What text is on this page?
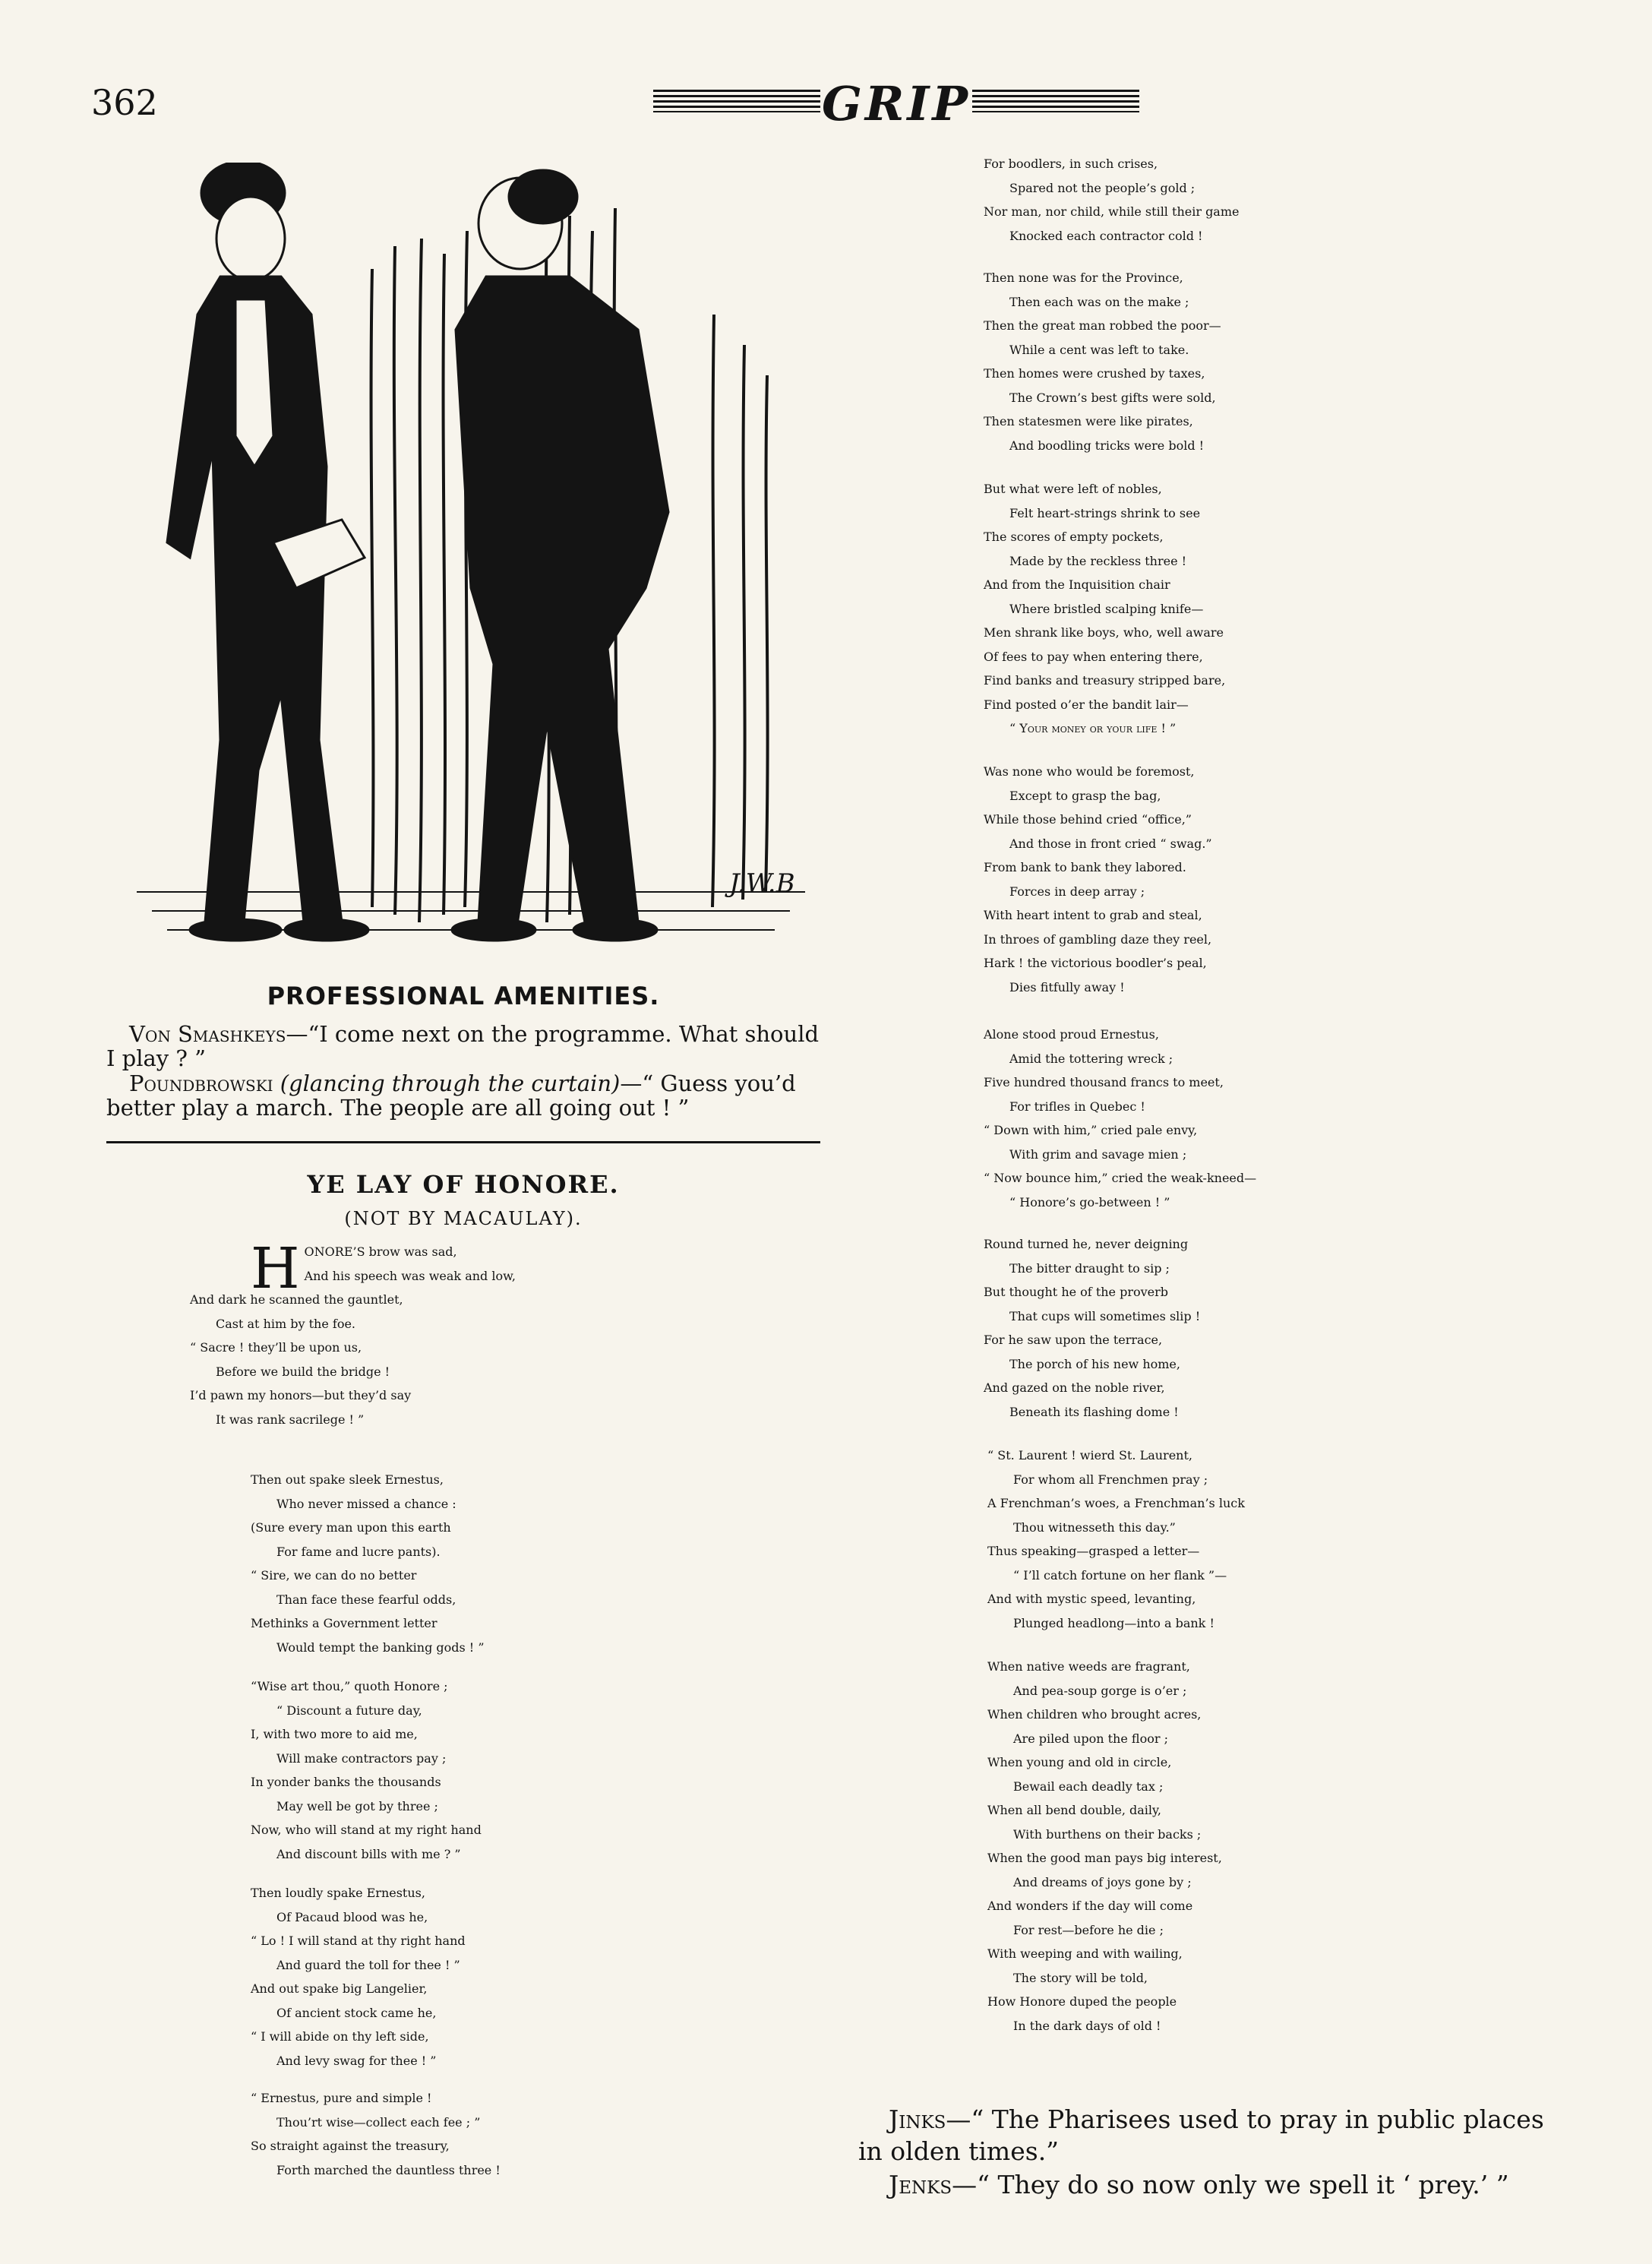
362	GRIP
J.W.B
PROFESSIONAL AMENITIES.
Von Smashkeys—“I come next on the programme. What should I play ? ”
Poundbrowski (glancing through the curtain)—“ Guess you’d better play a march. The people are all going out ! ”
YE LAY OF HONORE.
(NOT BY MACAULAY).
H ONORE’S brow was sad,
And his speech was weak and low,
And dark he scanned the gauntlet,
Cast at him by the foe.
“ Sacre ! they’ll be upon us,
Before we build the bridge !
I’d pawn my honors—but they’d say
It was rank sacrilege ! ”
Then out spake sleek Ernestus,
Who never missed a chance :
(Sure every man upon this earth
For fame and lucre pants).
“ Sire, we can do no better
Than face these fearful odds,
Methinks a Government letter
Would tempt the banking gods ! ”
“Wise art thou,” quoth Honore ;
“ Discount a future day,
I, with two more to aid me,
Will make contractors pay ;
In yonder banks the thousands
May well be got by three ;
Now, who will stand at my right hand
And discount bills with me ? ”
Then loudly spake Ernestus,
Of Pacaud blood was he,
“ Lo ! I will stand at thy right hand
And guard the toll for thee ! ”
And out spake big Langelier,
Of ancient stock came he,
“ I will abide on thy left side,
And levy swag for thee ! ”
“ Ernestus, pure and simple !
Thou’rt wise—collect each fee ; ”
So straight against the treasury,
Forth marched the dauntless three !
For boodlers, in such crises,
Spared not the people’s gold ;
Nor man, nor child, while still their game
Knocked each contractor cold !
Then none was for the Province,
Then each was on the make ;
Then the great man robbed the poor—
While a cent was left to take.
Then homes were crushed by taxes,
The Crown’s best gifts were sold,
Then statesmen were like pirates,
And boodling tricks were bold !
But what were left of nobles,
Felt heart-strings shrink to see
The scores of empty pockets,
Made by the reckless three !
And from the Inquisition chair
Where bristled scalping knife—
Men shrank like boys, who, well aware
Of fees to pay when entering there,
Find banks and treasury stripped bare,
Find posted o’er the bandit lair—
“ Your money or your life ! ”
Was none who would be foremost,
Except to grasp the bag,
While those behind cried “office,”
And those in front cried “ swag.”
From bank to bank they labored.
Forces in deep array ;
With heart intent to grab and steal,
In throes of gambling daze they reel,
Hark ! the victorious boodler’s peal,
Dies fitfully away !
Alone stood proud Ernestus,
Amid the tottering wreck ;
Five hundred thousand francs to meet,
For trifles in Quebec !
“ Down with him,” cried pale envy,
With grim and savage mien ;
“ Now bounce him,” cried the weak-kneed—
“ Honore’s go-between ! ”
Round turned he, never deigning
The bitter draught to sip ;
But thought he of the proverb
That cups will sometimes slip !
For he saw upon the terrace,
The porch of his new home,
And gazed on the noble river,
Beneath its flashing dome !
“ St. Laurent ! wierd St. Laurent,
For whom all Frenchmen pray ;
A Frenchman’s woes, a Frenchman’s luck
Thou witnesseth this day.”
Thus speaking—grasped a letter—
“ I’ll catch fortune on her flank ”—
And with mystic speed, levanting,
Plunged headlong—into a bank !
When native weeds are fragrant,
And pea-soup gorge is o’er ;
When children who brought acres,
Are piled upon the floor ;
When young and old in circle,
Bewail each deadly tax ;
When all bend double, daily,
With burthens on their backs ;
When the good man pays big interest,
And dreams of joys gone by ;
And wonders if the day will come
For rest—before he die ;
With weeping and with wailing,
The story will be told,
How Honore duped the people
In the dark days of old !
Jinks—“ The Pharisees used to pray in public places
in olden times.”
Jenks—“ They do so now only we spell it ‘ prey.’ ”
